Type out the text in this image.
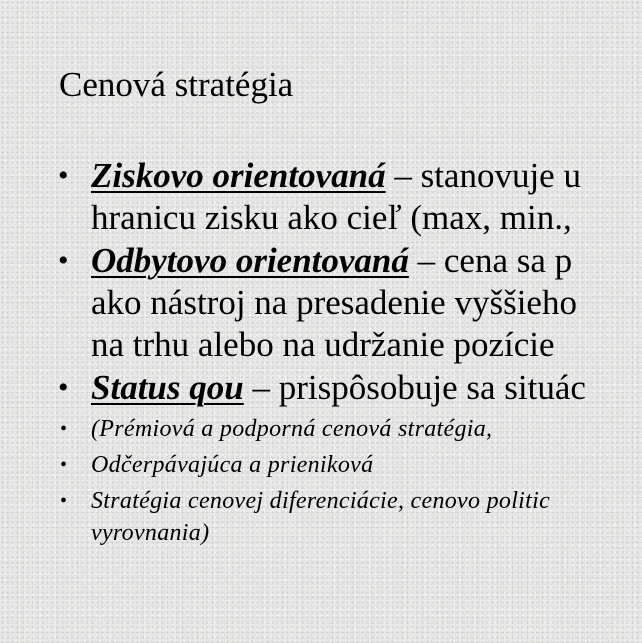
Cenová stratégia
• Ziskovo orientovaná – stanovuje u
hranicu zisku ako cieľ (max, min.,
• Odbytovo orientovaná – cena sa p
ako nástroj na presadenie vyššieho
na trhu alebo na udržanie pozície
• Status qou – prispôsobuje sa situác
• (Prémiová a podporná cenová stratégia,
• Odčerpávajúca a prieniková
• Stratégia cenovej diferenciácie, cenovo politic
vyrovnania)
